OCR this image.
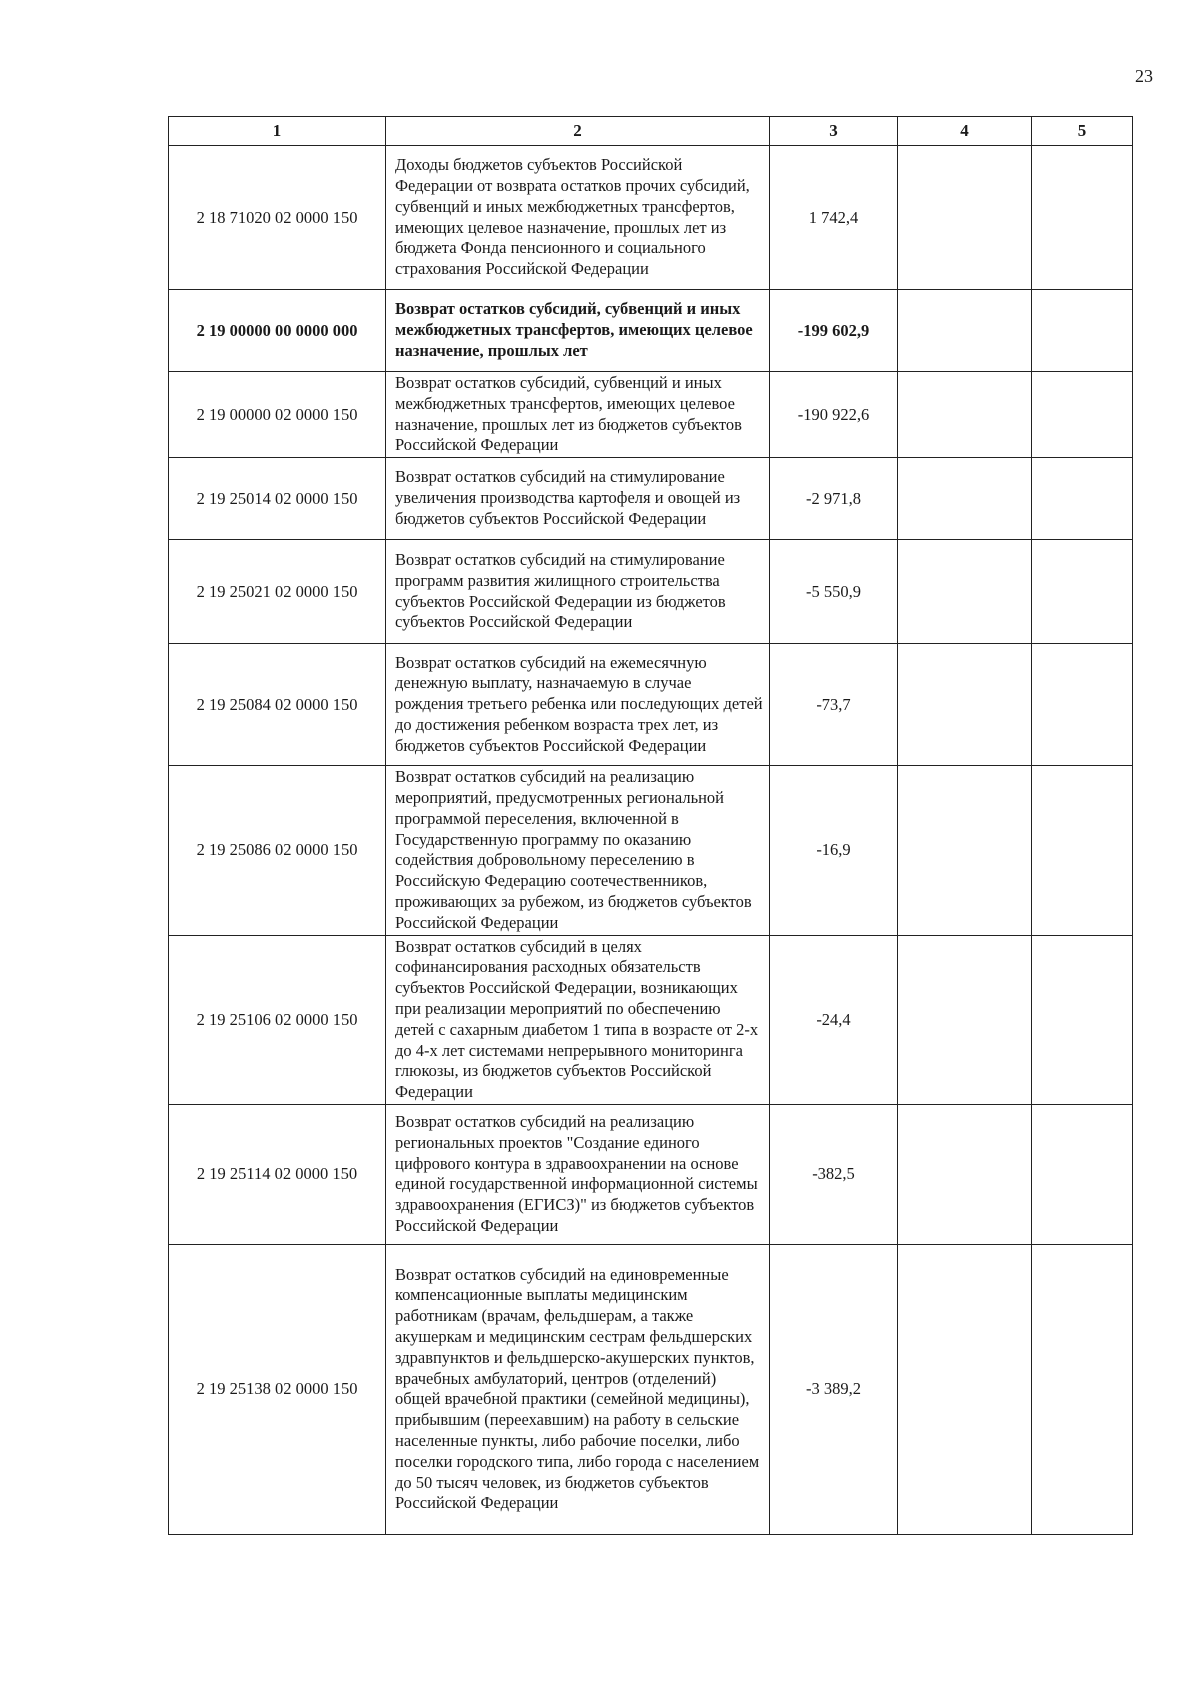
23
1	2	3	4	5
2 18 71020 02 0000 150	Доходы бюджетов субъектов Российской Федерации от возврата остатков прочих субсидий, субвенций и иных межбюджетных трансфертов, имеющих целевое назначение, прошлых лет из бюджета Фонда пенсионного и социального страхования Российской Федерации	1 742,4		
2 19 00000 00 0000 000	Возврат остатков субсидий, субвенций и иных межбюджетных трансфертов, имеющих целевое назначение, прошлых лет	-199 602,9		
2 19 00000 02 0000 150	Возврат остатков субсидий, субвенций и иных межбюджетных трансфертов, имеющих целевое назначение, прошлых лет из бюджетов субъектов Российской Федерации	-190 922,6		
2 19 25014 02 0000 150	Возврат остатков субсидий на стимулирование увеличения производства картофеля и овощей из бюджетов субъектов Российской Федерации	-2 971,8		
2 19 25021 02 0000 150	Возврат остатков субсидий на стимулирование программ развития жилищного строительства субъектов Российской Федерации из бюджетов субъектов Российской Федерации	-5 550,9		
2 19 25084 02 0000 150	Возврат остатков субсидий на ежемесячную денежную выплату, назначаемую в случае рождения третьего ребенка или последующих детей до достижения ребенком возраста трех лет, из бюджетов субъектов Российской Федерации	-73,7		
2 19 25086 02 0000 150	Возврат остатков субсидий на реализацию мероприятий, предусмотренных региональной программой переселения, включенной в Государственную программу по оказанию содействия добровольному переселению в Российскую Федерацию соотечественников, проживающих за рубежом, из бюджетов субъектов Российской Федерации	-16,9		
2 19 25106 02 0000 150	Возврат остатков субсидий в целях софинансирования расходных обязательств субъектов Российской Федерации, возникающих при реализации мероприятий по обеспечению детей с сахарным диабетом 1 типа в возрасте от 2-х до 4-х лет системами непрерывного мониторинга глюкозы, из бюджетов субъектов Российской Федерации	-24,4		
2 19 25114 02 0000 150	Возврат остатков субсидий на реализацию региональных проектов "Создание единого цифрового контура в здравоохранении на основе единой государственной информационной системы здравоохранения (ЕГИСЗ)" из бюджетов субъектов Российской Федерации	-382,5		
2 19 25138 02 0000 150	Возврат остатков субсидий на единовременные компенсационные выплаты медицинским работникам (врачам, фельдшерам, а также акушеркам и медицинским сестрам фельдшерских здравпунктов и фельдшерско-акушерских пунктов, врачебных амбулаторий, центров (отделений) общей врачебной практики (семейной медицины), прибывшим (переехавшим) на работу в сельские населенные пункты, либо рабочие поселки, либо поселки городского типа, либо города с населением до 50 тысяч человек, из бюджетов субъектов Российской Федерации	-3 389,2		
